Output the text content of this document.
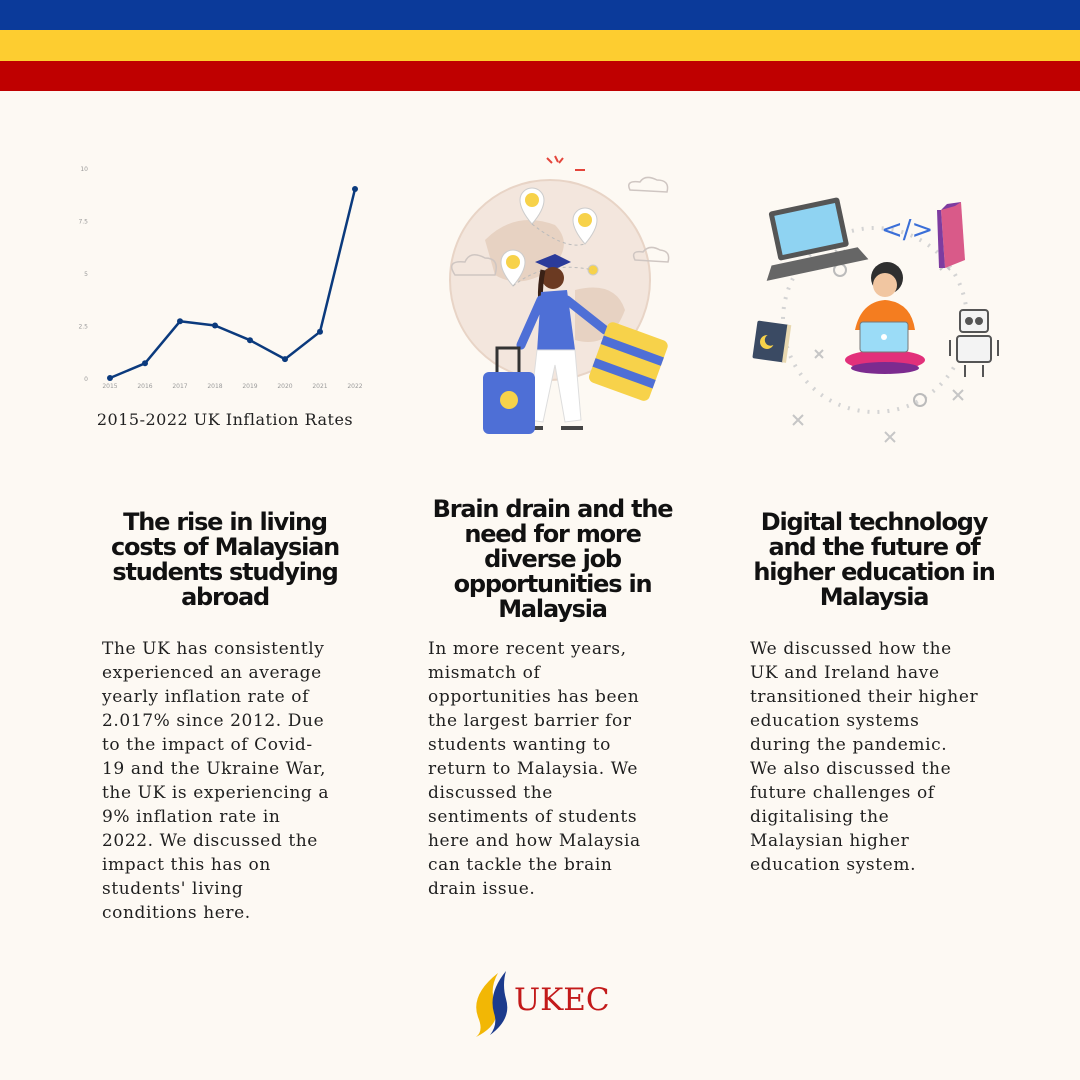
0
2.5
5
7.5
10
2015	2016	2017	2018	2019	2020	2021	2022
2015-2022 UK Inflation Rates
</>
The rise in living
costs of Malaysian
students studying
abroad
The UK has consistently
experienced an average
yearly inflation rate of
2.017% since 2012. Due
to the impact of Covid-
19 and the Ukraine War,
the UK is experiencing a
9% inflation rate in
2022. We discussed the
impact this has on
students' living
conditions here.
Brain drain and the
need for more
diverse job
opportunities in
Malaysia
In more recent years,
mismatch of
opportunities has been
the largest barrier for
students wanting to
return to Malaysia. We
discussed the
sentiments of students
here and how Malaysia
can tackle the brain
drain issue.
Digital technology
and the future of
higher education in
Malaysia
We discussed how the
UK and Ireland have
transitioned their higher
education systems
during the pandemic.
We also discussed the
future challenges of
digitalising the
Malaysian higher
education system.
UKEC
